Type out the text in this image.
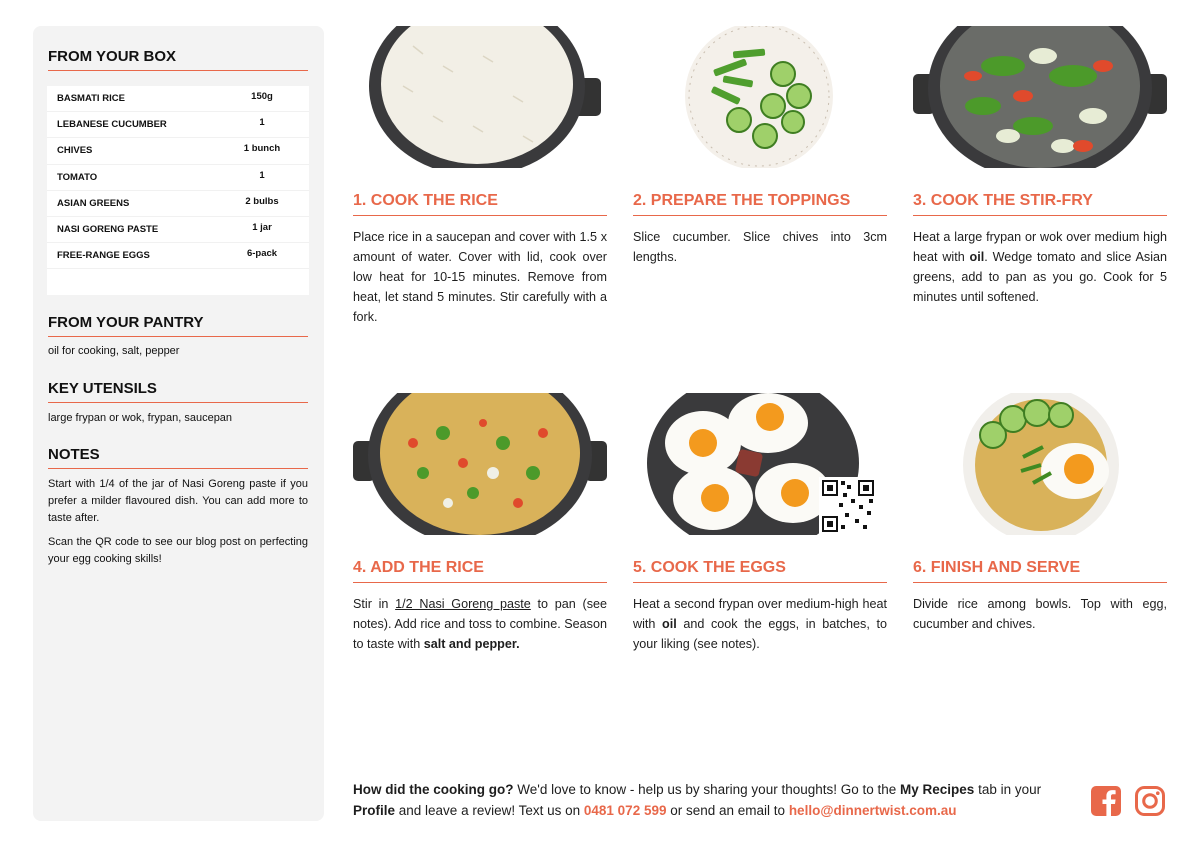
FROM YOUR BOX
BASMATI RICE	150g
LEBANESE CUCUMBER	1
CHIVES	1 bunch
TOMATO	1
ASIAN GREENS	2 bulbs
NASI GORENG PASTE	1 jar
FREE-RANGE EGGS	6-pack
FROM YOUR PANTRY
oil for cooking, salt, pepper
KEY UTENSILS
large frypan or wok, frypan, saucepan
NOTES
Start with 1/4 of the jar of Nasi Goreng paste if you prefer a milder flavoured dish. You can add more to taste after.
Scan the QR code to see our blog post on perfecting your egg cooking skills!
1. COOK THE RICE
Place rice in a saucepan and cover with 1.5 x amount of water. Cover with lid, cook over low heat for 10-15 minutes. Remove from heat, let stand 5 minutes. Stir carefully with a fork.
2. PREPARE THE TOPPINGS
Slice cucumber. Slice chives into 3cm lengths.
3. COOK THE STIR-FRY
Heat a large frypan or wok over medium high heat with oil. Wedge tomato and slice Asian greens, add to pan as you go. Cook for 5 minutes until softened.
4. ADD THE RICE
Stir in 1/2 Nasi Goreng paste to pan (see notes). Add rice and toss to combine. Season to taste with salt and pepper.
5. COOK THE EGGS
Heat a second frypan over medium-high heat with oil and cook the eggs, in batches, to your liking (see notes).
6. FINISH AND SERVE
Divide rice among bowls. Top with egg, cucumber and chives.
How did the cooking go? We'd love to know - help us by sharing your thoughts! Go to the My Recipes tab in your Profile and leave a review! Text us on 0481 072 599 or send an email to hello@dinnertwist.com.au
